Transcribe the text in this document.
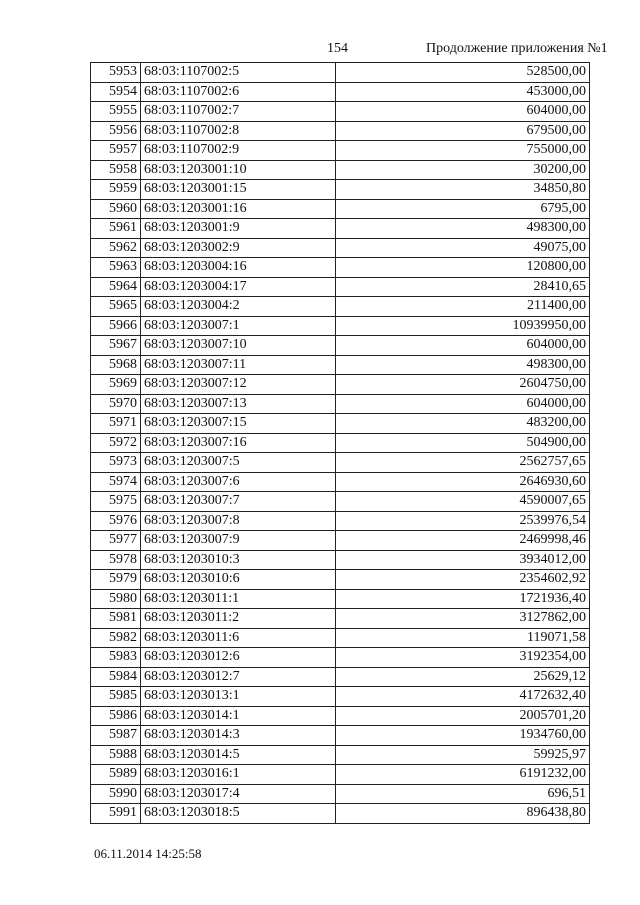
154	Продолжение приложения №1
5953	68:03:1107002:5	528500,00
5954	68:03:1107002:6	453000,00
5955	68:03:1107002:7	604000,00
5956	68:03:1107002:8	679500,00
5957	68:03:1107002:9	755000,00
5958	68:03:1203001:10	30200,00
5959	68:03:1203001:15	34850,80
5960	68:03:1203001:16	6795,00
5961	68:03:1203001:9	498300,00
5962	68:03:1203002:9	49075,00
5963	68:03:1203004:16	120800,00
5964	68:03:1203004:17	28410,65
5965	68:03:1203004:2	211400,00
5966	68:03:1203007:1	10939950,00
5967	68:03:1203007:10	604000,00
5968	68:03:1203007:11	498300,00
5969	68:03:1203007:12	2604750,00
5970	68:03:1203007:13	604000,00
5971	68:03:1203007:15	483200,00
5972	68:03:1203007:16	504900,00
5973	68:03:1203007:5	2562757,65
5974	68:03:1203007:6	2646930,60
5975	68:03:1203007:7	4590007,65
5976	68:03:1203007:8	2539976,54
5977	68:03:1203007:9	2469998,46
5978	68:03:1203010:3	3934012,00
5979	68:03:1203010:6	2354602,92
5980	68:03:1203011:1	1721936,40
5981	68:03:1203011:2	3127862,00
5982	68:03:1203011:6	119071,58
5983	68:03:1203012:6	3192354,00
5984	68:03:1203012:7	25629,12
5985	68:03:1203013:1	4172632,40
5986	68:03:1203014:1	2005701,20
5987	68:03:1203014:3	1934760,00
5988	68:03:1203014:5	59925,97
5989	68:03:1203016:1	6191232,00
5990	68:03:1203017:4	696,51
5991	68:03:1203018:5	896438,80
06.11.2014 14:25:58
